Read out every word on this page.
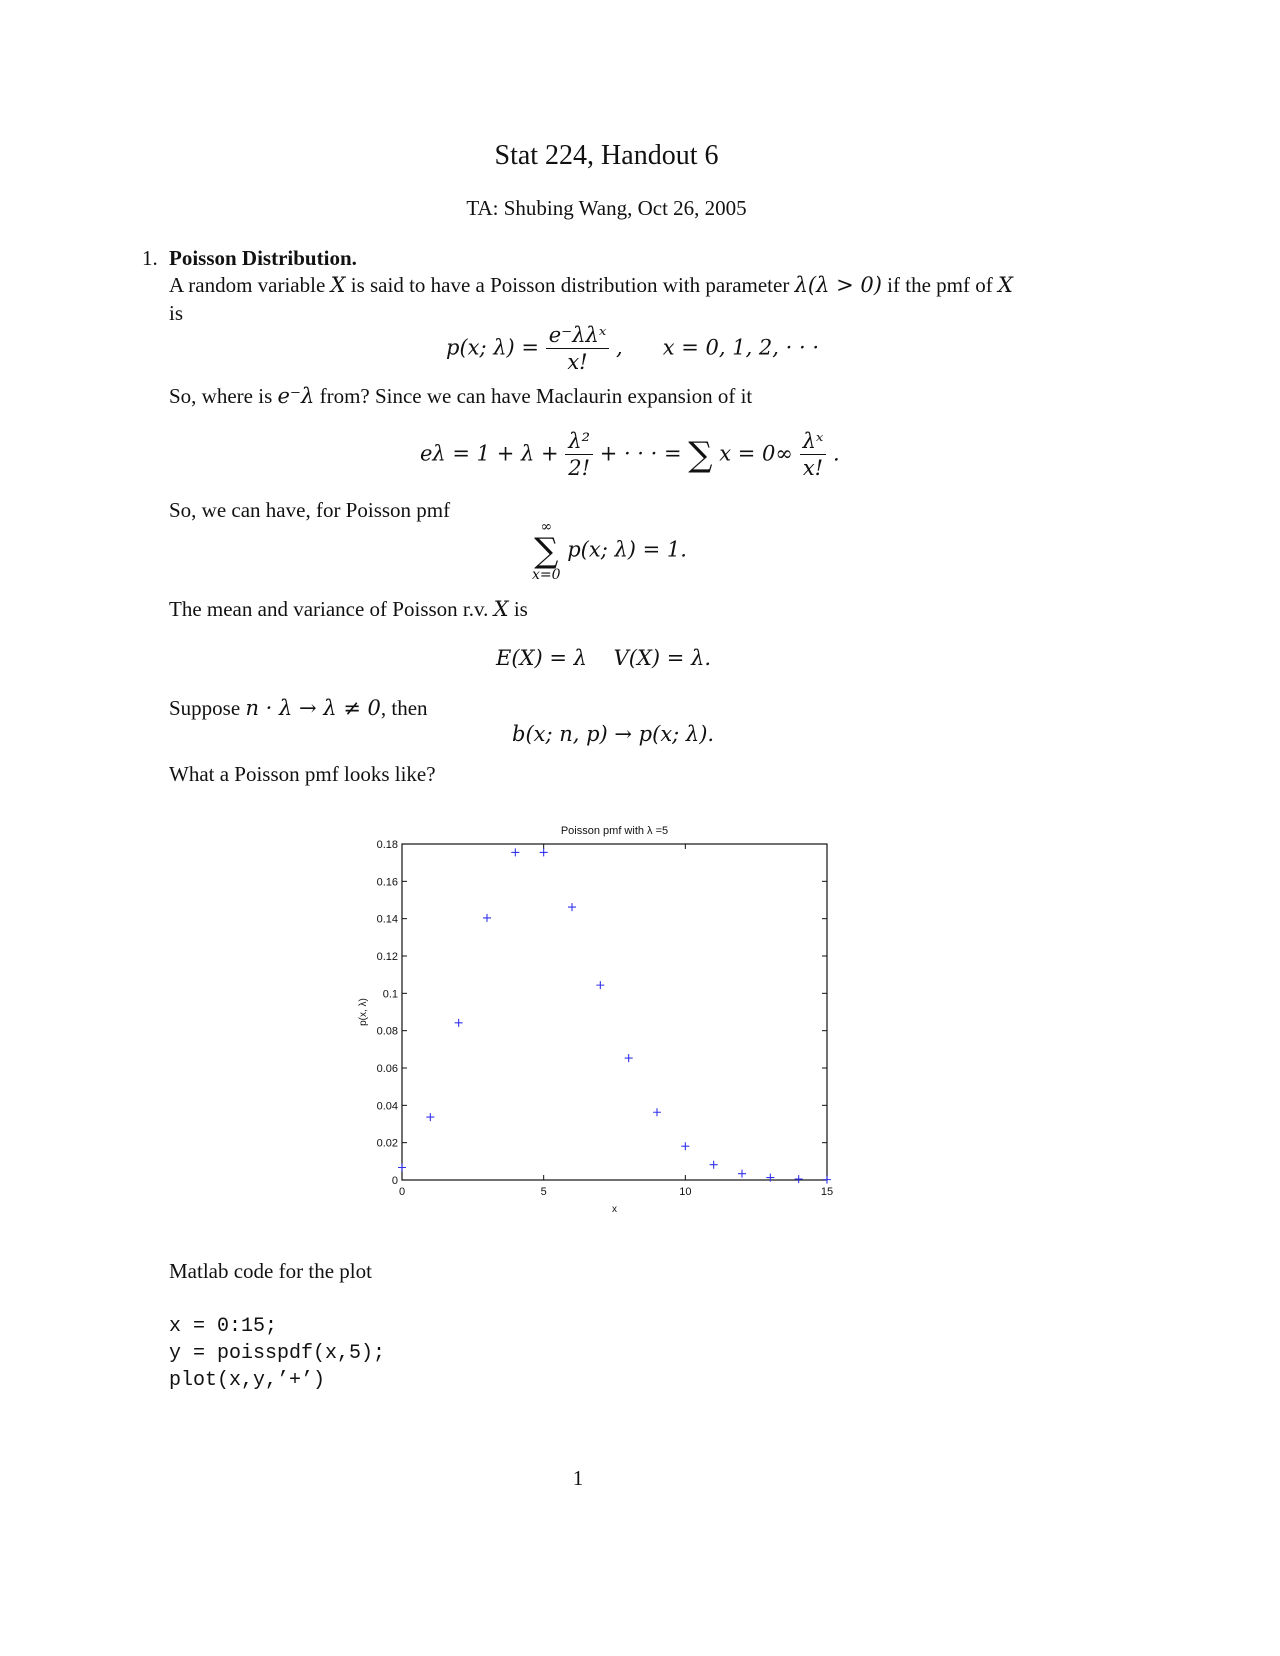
Stat 224, Handout 6
TA: Shubing Wang, Oct 26, 2005
1. Poisson Distribution.
A random variable X is said to have a Poisson distribution with parameter λ(λ > 0) if the pmf of X
is
p(x; $\lambda) = \frac{\text{e⁻λλˣ}}{x!}$ ,      x = 0, 1, 2, · · ·
So, where is e⁻λ from? Since we can have Maclaurin expansion of it
$e\lambda = 1 + \lambda + \frac{\text{λ²}}{2!}$ + · · · = ∑ $x = 0\infty \frac{\text{λˣ}}{x!}$ .
So, we can have, for Poisson pmf
∞
∑
x=0
p(x; λ) = 1.
The mean and variance of Poisson r.v. X is
E(X) = λ    V(X) = λ.
Suppose n · λ → λ ≠ 0, then
b(x; n, p) → p(x; λ).
What a Poisson pmf looks like?
0
0.02
0.04
0.06
0.08
0.1
0.12
0.14
0.16
0.18
0	5	10	15
Poisson pmf with λ =5
x
p(x, λ)
Matlab code for the plot
x = 0:15;
y = poisspdf(x,5);
plot(x,y,’+’)
1
